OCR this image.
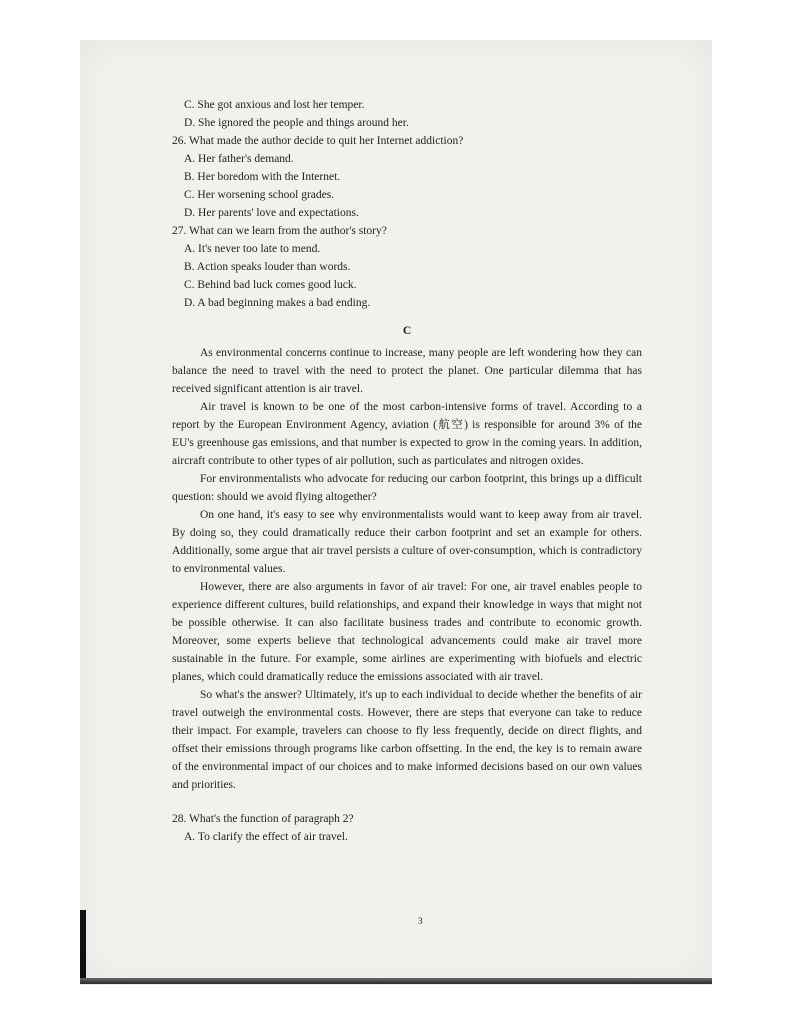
C. She got anxious and lost her temper.
D. She ignored the people and things around her.
26. What made the author decide to quit her Internet addiction?
A. Her father's demand.
B. Her boredom with the Internet.
C. Her worsening school grades.
D. Her parents' love and expectations.
27. What can we learn from the author's story?
A. It's never too late to mend.
B. Action speaks louder than words.
C. Behind bad luck comes good luck.
D. A bad beginning makes a bad ending.
C

As environmental concerns continue to increase, many people are left wondering how they can balance the need to travel with the need to protect the planet. One particular dilemma that has received significant attention is air travel.

Air travel is known to be one of the most carbon-intensive forms of travel. According to a report by the European Environment Agency, aviation (航空) is responsible for around 3% of the EU's greenhouse gas emissions, and that number is expected to grow in the coming years. In addition, aircraft contribute to other types of air pollution, such as particulates and nitrogen oxides.

For environmentalists who advocate for reducing our carbon footprint, this brings up a difficult question: should we avoid flying altogether?

On one hand, it's easy to see why environmentalists would want to keep away from air travel. By doing so, they could dramatically reduce their carbon footprint and set an example for others. Additionally, some argue that air travel persists a culture of over-consumption, which is contradictory to environmental values.

However, there are also arguments in favor of air travel: For one, air travel enables people to experience different cultures, build relationships, and expand their knowledge in ways that might not be possible otherwise. It can also facilitate business trades and contribute to economic growth. Moreover, some experts believe that technological advancements could make air travel more sustainable in the future. For example, some airlines are experimenting with biofuels and electric planes, which could dramatically reduce the emissions associated with air travel.

So what's the answer? Ultimately, it's up to each individual to decide whether the benefits of air travel outweigh the environmental costs. However, there are steps that everyone can take to reduce their impact. For example, travelers can choose to fly less frequently, decide on direct flights, and offset their emissions through programs like carbon offsetting. In the end, the key is to remain aware of the environmental impact of our choices and to make informed decisions based on our own values and priorities.

28. What's the function of paragraph 2?
A. To clarify the effect of air travel.
3
